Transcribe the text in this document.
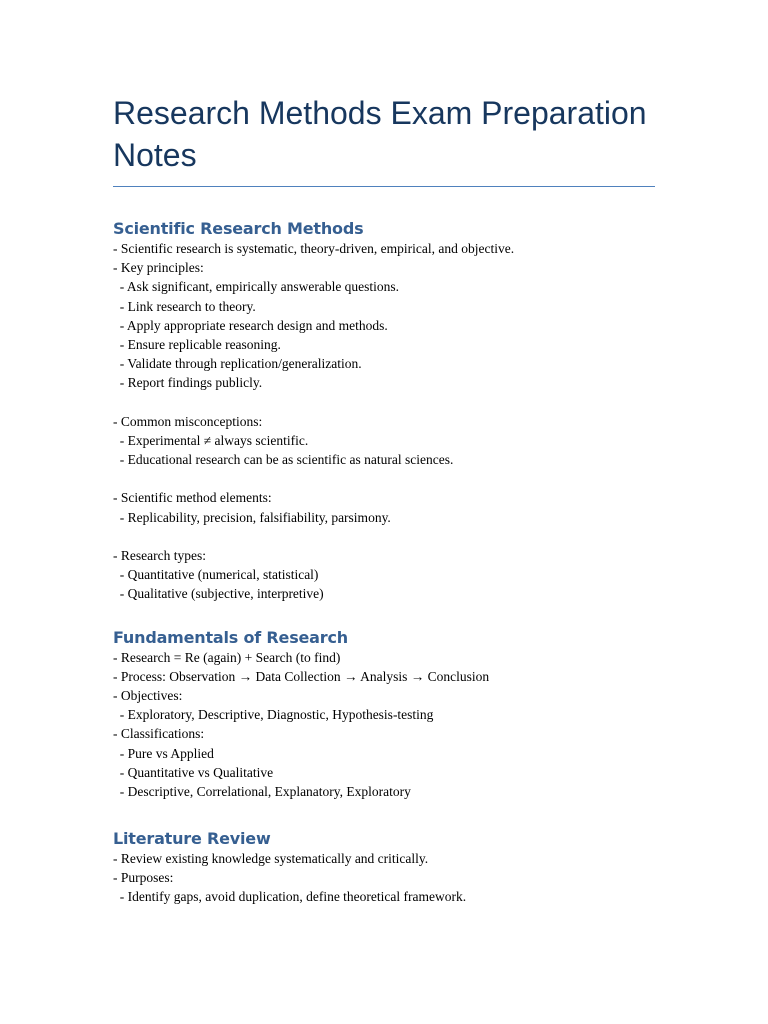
Research Methods Exam Preparation Notes
Scientific Research Methods
- Scientific research is systematic, theory-driven, empirical, and objective.
- Key principles:
- Ask significant, empirically answerable questions.
- Link research to theory.
- Apply appropriate research design and methods.
- Ensure replicable reasoning.
- Validate through replication/generalization.
- Report findings publicly.
- Common misconceptions:
- Experimental ≠ always scientific.
- Educational research can be as scientific as natural sciences.
- Scientific method elements:
- Replicability, precision, falsifiability, parsimony.
- Research types:
- Quantitative (numerical, statistical)
- Qualitative (subjective, interpretive)
Fundamentals of Research
- Research = Re (again) + Search (to find)
- Process: Observation → Data Collection → Analysis → Conclusion
- Objectives:
- Exploratory, Descriptive, Diagnostic, Hypothesis-testing
- Classifications:
- Pure vs Applied
- Quantitative vs Qualitative
- Descriptive, Correlational, Explanatory, Exploratory
Literature Review
- Review existing knowledge systematically and critically.
- Purposes:
- Identify gaps, avoid duplication, define theoretical framework.
